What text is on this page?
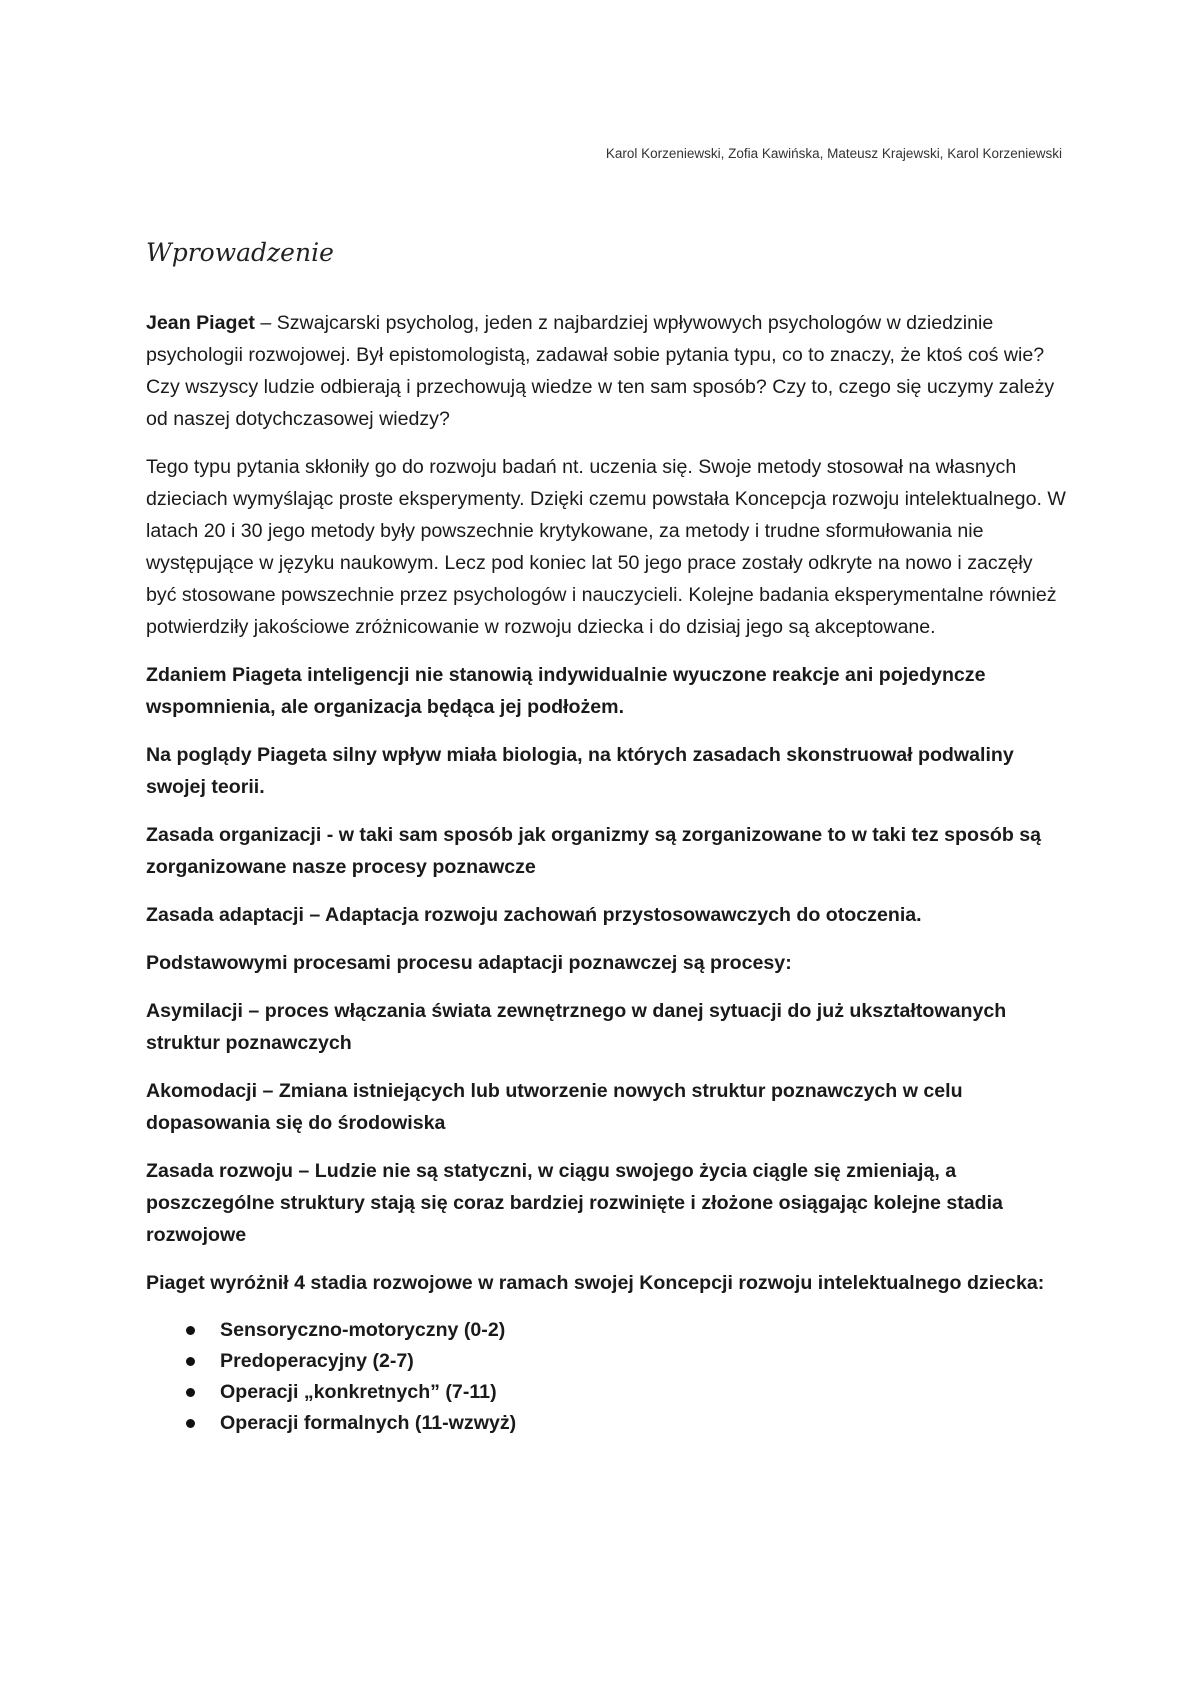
Karol Korzeniewski, Zofia Kawińska, Mateusz Krajewski, Karol Korzeniewski
Wprowadzenie

Jean Piaget – Szwajcarski psycholog, jeden z najbardziej wpływowych psychologów w dziedzinie psychologii rozwojowej. Był epistomologistą, zadawał sobie pytania typu, co to znaczy, że ktoś coś wie? Czy wszyscy ludzie odbierają i przechowują wiedze w ten sam sposób? Czy to, czego się uczymy zależy od naszej dotychczasowej wiedzy?

Tego typu pytania skłoniły go do rozwoju badań nt. uczenia się. Swoje metody stosował na własnych dzieciach wymyślając proste eksperymenty. Dzięki czemu powstała Koncepcja rozwoju intelektualnego. W latach 20 i 30 jego metody były powszechnie krytykowane, za metody i trudne sformułowania nie występujące w języku naukowym. Lecz pod koniec lat 50 jego prace zostały odkryte na nowo i zaczęły być stosowane powszechnie przez psychologów i nauczycieli. Kolejne badania eksperymentalne również potwierdziły jakościowe zróżnicowanie w rozwoju dziecka i do dzisiaj jego są akceptowane.

Zdaniem Piageta inteligencji nie stanowią indywidualnie wyuczone reakcje ani pojedyncze wspomnienia, ale organizacja będąca jej podłożem.

Na poglądy Piageta silny wpływ miała biologia, na których zasadach skonstruował podwaliny swojej teorii.

Zasada organizacji - w taki sam sposób jak organizmy są zorganizowane to w taki tez sposób są zorganizowane nasze procesy poznawcze

Zasada adaptacji – Adaptacja rozwoju zachowań przystosowawczych do otoczenia.

Podstawowymi procesami procesu adaptacji poznawczej są procesy:

Asymilacji – proces włączania świata zewnętrznego w danej sytuacji do już ukształtowanych struktur poznawczych

Akomodacji – Zmiana istniejących lub utworzenie nowych struktur poznawczych w celu dopasowania się do środowiska

Zasada rozwoju – Ludzie nie są statyczni, w ciągu swojego życia ciągle się zmieniają, a poszczególne struktury stają się coraz bardziej rozwinięte i złożone osiągając kolejne stadia rozwojowe

Piaget wyróżnił 4 stadia rozwojowe w ramach swojej Koncepcji rozwoju intelektualnego dziecka:

Sensoryczno-motoryczny (0-2)
Predoperacyjny (2-7)
Operacji „konkretnych” (7-11)
Operacji formalnych (11-wzwyż)
